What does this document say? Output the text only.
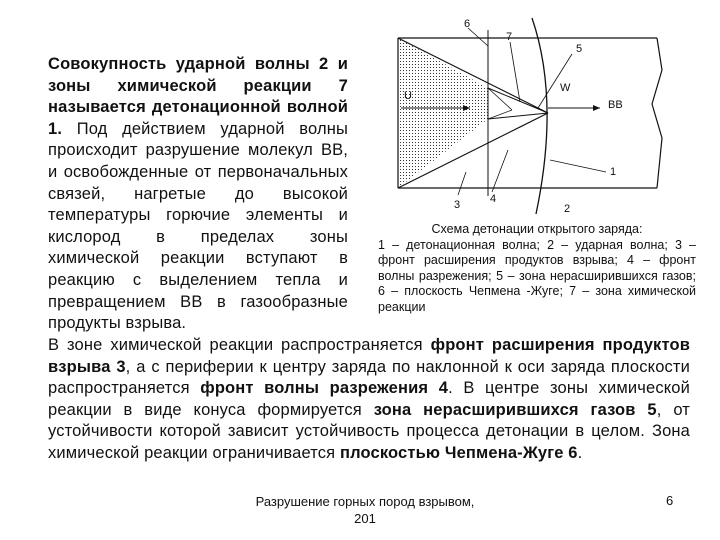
Совокупность ударной волны 2 и зоны химической реакции 7 называется детонационной волной 1. Под действием ударной волны происходит разрушение молекул ВВ, и освобожденные от первоначальных связей, нагретые до высокой температуры горючие элементы и кислород в пределах зоны химической реакции вступают в реакцию с выделением тепла и превращением ВВ в газообразные
продукты взрыва.

В зоне химической реакции распространяется фронт расширения продуктов взрыва 3, а с периферии к центру заряда по наклонной к оси заряда плоскости распространяется фронт волны разрежения 4. В центре зоны химической реакции в виде конуса формируется зона нерасширившихся газов 5, от устойчивости которой зависит устойчивость процесса детонации в целом. Зона химической реакции ограничивается плоскостью Чепмена-Жуге 6.

6
7
5
U
W
ВВ
1
3	4
2
Схема детонации открытого заряда:
1 – детонационная волна; 2 – ударная волна; 3 – фронт расширения продуктов взрыва; 4 – фронт волны разрежения; 5 – зона нерасширившихся газов; 6 – плоскость Чепмена -Жуге; 7 – зона химической реакции
Разрушение горных пород взрывом, 201
6
